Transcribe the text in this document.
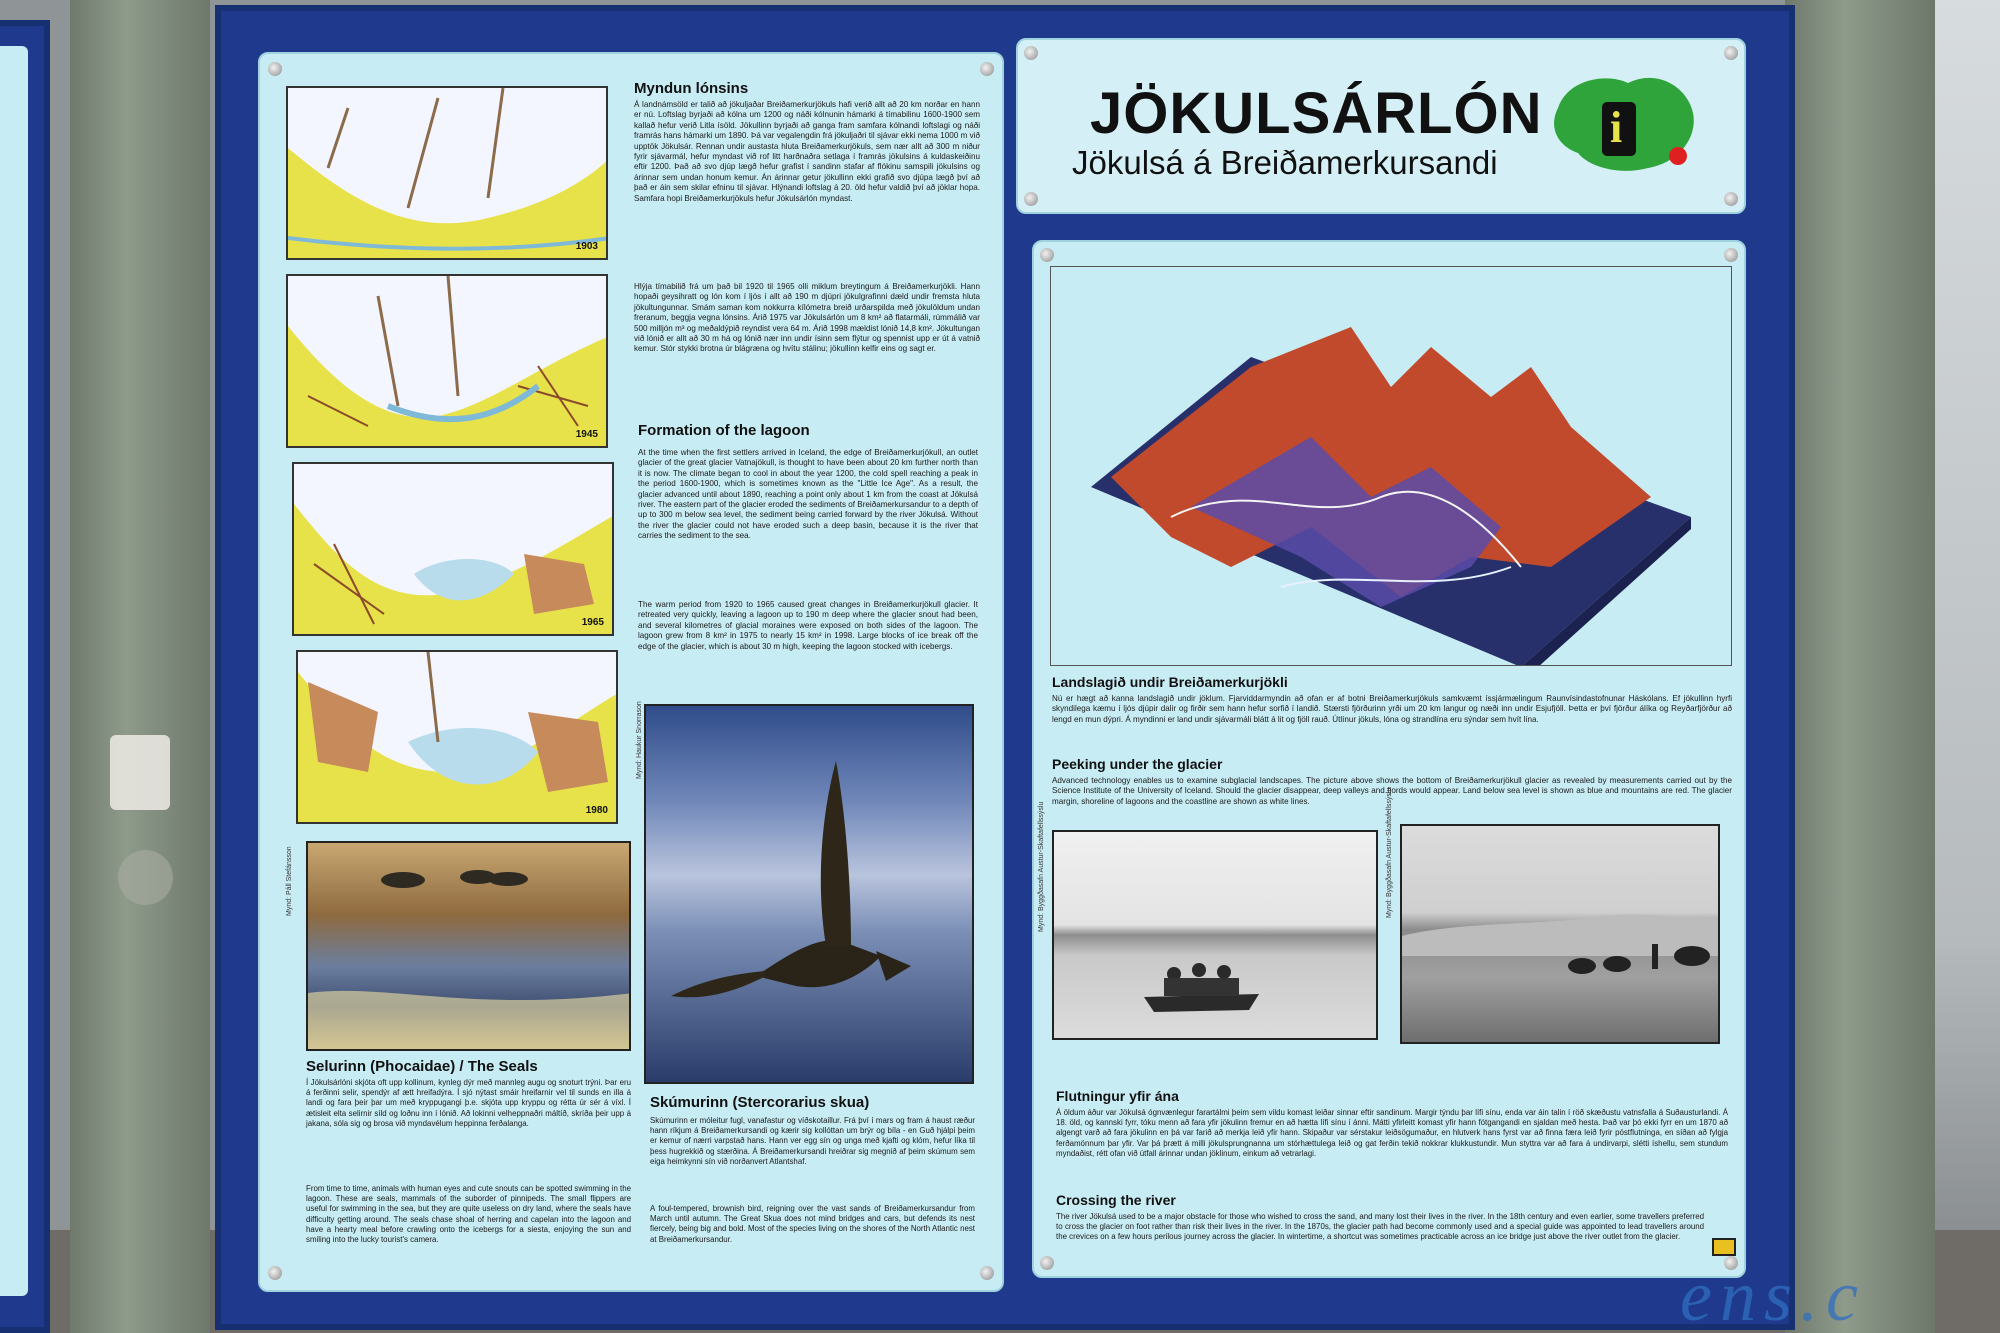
1903
1945
1965
1980
Mynd: Páll Stefánsson
Mynd: Haukur Snorrason
Myndun lónsins
Á landnámsöld er talið að jökuljaðar Breiðamerkurjökuls hafi verið allt að 20 km norðar en hann er nú. Loftslag byrjaði að kólna um 1200 og náði kólnunin hámarki á tímabilinu 1600-1900 sem kallað hefur verið Litla ísöld. Jökullinn byrjaði að ganga fram samfara kólnandi loftslagi og náði framrás hans hámarki um 1890. Þá var vegalengdin frá jökuljaðri til sjávar ekki nema 1000 m við upptök Jökulsár. Rennan undir austasta hluta Breiðamerkurjökuls, sem nær allt að 300 m niður fyrir sjávarmál, hefur myndast við rof litt harðnaðra setlaga í framrás jökulsins á kuldaskeiðinu eftir 1200. Það að svo djúp lægð hefur grafist í sandinn stafar af flókinu samspili jökulsins og árinnar sem undan honum kemur. Án árinnar getur jökullinn ekki grafið svo djúpa lægð því að það er áin sem skilar efninu til sjávar. Hlýnandi loftslag á 20. öld hefur valdið því að jöklar hopa. Samfara hopi Breiðamerkurjökuls hefur Jökulsárlón myndast.
Hlýja tímabilið frá um það bil 1920 til 1965 olli miklum breytingum á Breiðamerkurjökli. Hann hopaði geysihratt og lón kom í ljós í allt að 190 m djúpri jökulgrafinni dæld undir fremsta hluta jökultungunnar. Smám saman kom nokkurra kílómetra breið urðarspilda með jökulöldum undan freranum, beggja vegna lónsins. Árið 1975 var Jökulsárlón um 8 km² að flatarmáli, rúmmálið var 500 milljón m³ og meðaldýpið reyndist vera 64 m. Árið 1998 mældist lónið 14,8 km². Jökultungan við lónið er allt að 30 m há og lónið nær inn undir ísinn sem flýtur og spennist upp er út á vatnið kemur. Stór stykki brotna úr blágræna og hvítu stálinu; jökullinn kelfir eins og sagt er.
Formation of the lagoon
At the time when the first settlers arrived in Iceland, the edge of Breiðamerkurjökull, an outlet glacier of the great glacier Vatnajökull, is thought to have been about 20 km further north than it is now. The climate began to cool in about the year 1200, the cold spell reaching a peak in the period 1600-1900, which is sometimes known as the "Little Ice Age". As a result, the glacier advanced until about 1890, reaching a point only about 1 km from the coast at Jökulsá river. The eastern part of the glacier eroded the sediments of Breiðamerkursandur to a depth of up to 300 m below sea level, the sediment being carried forward by the river Jökulsá. Without the river the glacier could not have eroded such a deep basin, because it is the river that carries the sediment to the sea.
The warm period from 1920 to 1965 caused great changes in Breiðamerkurjökull glacier. It retreated very quickly, leaving a lagoon up to 190 m deep where the glacier snout had been, and several kilometres of glacial moraines were exposed on both sides of the lagoon. The lagoon grew from 8 km² in 1975 to nearly 15 km² in 1998. Large blocks of ice break off the edge of the glacier, which is about 30 m high, keeping the lagoon stocked with icebergs.
Selurinn (Phocaidae) / The Seals
Í Jökulsárlóni skjóta oft upp kollinum, kynleg dýr með mannleg augu og snoturt trýni. Þar eru á ferðinni selir, spendýr af ætt hreifadýra. Í sjó nýtast smáir hreifarnir vel til sunds en illa á landi og fara þeir þar um með kryppugangi þ.e. skjóta upp kryppu og rétta úr sér á víxl. Í ætisleit elta selirnir síld og loðnu inn í lónið. Að lokinni velheppnaðri máltíð, skríða þeir upp á jakana, sóla sig og brosa við myndavélum heppinna ferðalanga.
From time to time, animals with human eyes and cute snouts can be spotted swimming in the lagoon. These are seals, mammals of the suborder of pinnipeds. The small flippers are useful for swimming in the sea, but they are quite useless on dry land, where the seals have difficulty getting around. The seals chase shoal of herring and capelan into the lagoon and have a hearty meal before crawling onto the icebergs for a siesta, enjoying the sun and smiling into the lucky tourist's camera.
Skúmurinn (Stercorarius skua)
Skúmurinn er móleitur fugl, vanafastur og víðskotaillur. Frá því í mars og fram á haust ræður hann ríkjum á Breiðamerkursandi og kærir sig kollóttan um brýr og bíla - en Guð hjálpi þeim er kemur of nærri varpstað hans. Hann ver egg sín og unga með kjafti og klóm, hefur líka til þess hugrekkið og stærðina. Á Breiðamerkursandi hreiðrar sig megnið af þeim skúmum sem eiga heimkynni sín við norðanvert Atlantshaf.
A foul-tempered, brownish bird, reigning over the vast sands of Breiðamerkursandur from March until autumn. The Great Skua does not mind bridges and cars, but defends its nest fiercely, being big and bold. Most of the species living on the shores of the North Atlantic nest at Breiðamerkursandur.
JÖKULSÁRLÓN
Jökulsá á Breiðamerkursandi
i
Landslagið undir Breiðamerkurjökli
Nú er hægt að kanna landslagið undir jöklum. Fjarviddarmyndin að ofan er af botni Breiðamerkurjökuls samkvæmt íssjármælingum Raunvísindastofnunar Háskólans. Ef jökullinn hyrfi skyndilega kæmu í ljós djúpir dalir og firðir sem hann hefur sorfið í landið. Stærsti fjörðurinn yrði um 20 km langur og næði inn undir Esjufjöll. Þetta er því fjörður álíka og Reyðarfjörður að lengd en mun dýpri. Á myndinni er land undir sjávarmáli blátt á lit og fjöll rauð. Útlínur jökuls, lóna og strandlína eru sýndar sem hvít lína.
Peeking under the glacier
Advanced technology enables us to examine subglacial landscapes. The picture above shows the bottom of Breiðamerkurjökull glacier as revealed by measurements carried out by the Science Institute of the University of Iceland. Should the glacier disappear, deep valleys and fjords would appear. Land below sea level is shown as blue and mountains are red. The glacier margin, shoreline of lagoons and the coastline are shown as white lines.
Mynd: Byggðasafn Austur-Skaftafellssýslu	Mynd: Byggðasafn Austur-Skaftafellssýslu
Flutningur yfir ána
Á öldum áður var Jökulsá ógnvænlegur farartálmi þeim sem vildu komast leiðar sinnar eftir sandinum. Margir týndu þar lífi sínu, enda var áin talin í röð skæðustu vatnsfalla á Suðausturlandi. Á 18. öld, og kannski fyrr, tóku menn að fara yfir jökulinn fremur en að hætta lífi sínu í ánni. Mátti yfirleitt komast yfir hann fótgangandi en sjaldan með hesta. Það var þó ekki fyrr en um 1870 að algengt varð að fara jökulinn en þá var farið að merkja leið yfir hann. Skipaður var sérstakur leiðsögumaður, en hlutverk hans fyrst var að finna færa leið fyrir póstflutninga, en síðan að fylgja ferðamönnum þar yfir. Var þá þrætt á milli jökulsprungnanna um stórhættulega leið og gat ferðin tekið nokkrar klukkustundir. Mun styttra var að fara á undirvarpi, slétti íshellu, sem stundum myndaðist, rétt ofan við útfall árinnar undan jöklinum, einkum að vetrarlagi.
Crossing the river
The river Jökulsá used to be a major obstacle for those who wished to cross the sand, and many lost their lives in the river. In the 18th century and even earlier, some travellers preferred to cross the glacier on foot rather than risk their lives in the river. In the 1870s, the glacier path had become commonly used and a special guide was appointed to lead travellers around the crevices on a few hours perilous journey across the glacier. In wintertime, a shortcut was sometimes practicable across an ice bridge just above the river outlet from the glacier.
ens.c
